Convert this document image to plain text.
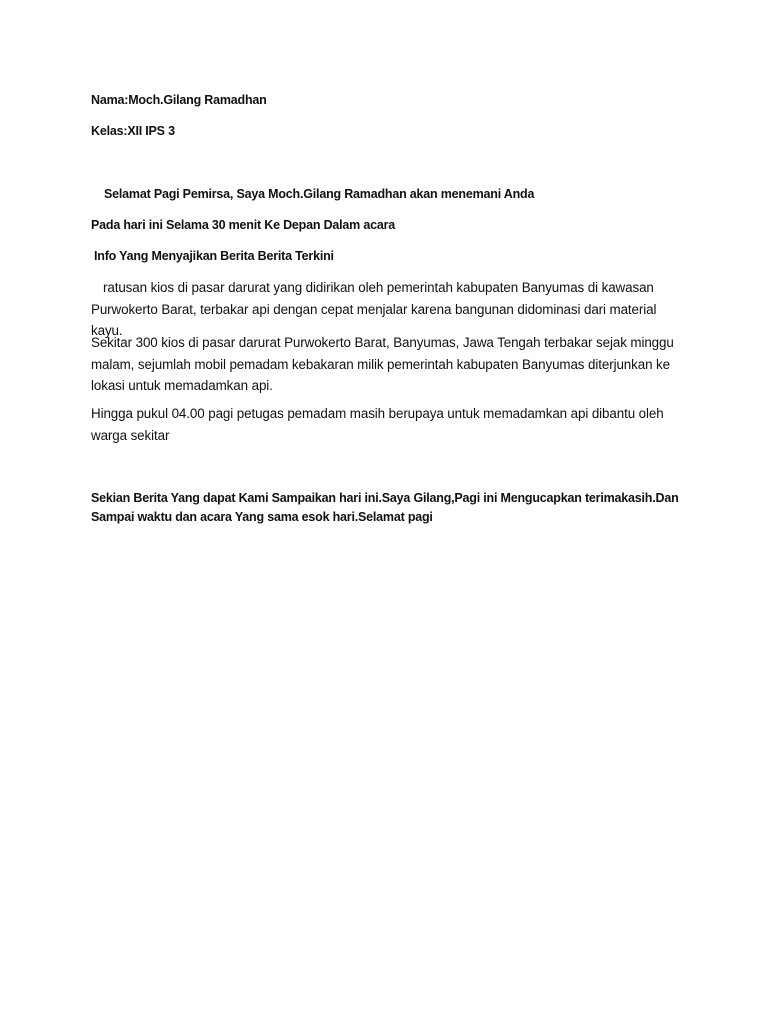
Nama:Moch.Gilang Ramadhan

Kelas:XII IPS 3

Selamat Pagi Pemirsa, Saya Moch.Gilang Ramadhan akan menemani Anda

Pada hari ini Selama 30 menit Ke Depan Dalam acara

Info Yang Menyajikan Berita Berita Terkini

ratusan kios di pasar darurat yang didirikan oleh pemerintah kabupaten Banyumas di kawasan Purwokerto Barat, terbakar api dengan cepat menjalar karena bangunan didominasi dari material kayu.

Sekitar 300 kios di pasar darurat Purwokerto Barat, Banyumas, Jawa Tengah terbakar sejak minggu malam, sejumlah mobil pemadam kebakaran milik pemerintah kabupaten Banyumas diterjunkan ke lokasi untuk memadamkan api.

Hingga pukul 04.00 pagi petugas pemadam masih berupaya untuk memadamkan api dibantu oleh warga sekitar

Sekian Berita Yang dapat Kami Sampaikan hari ini.Saya Gilang,Pagi ini Mengucapkan terimakasih.Dan Sampai waktu dan acara Yang sama esok hari.Selamat pagi
